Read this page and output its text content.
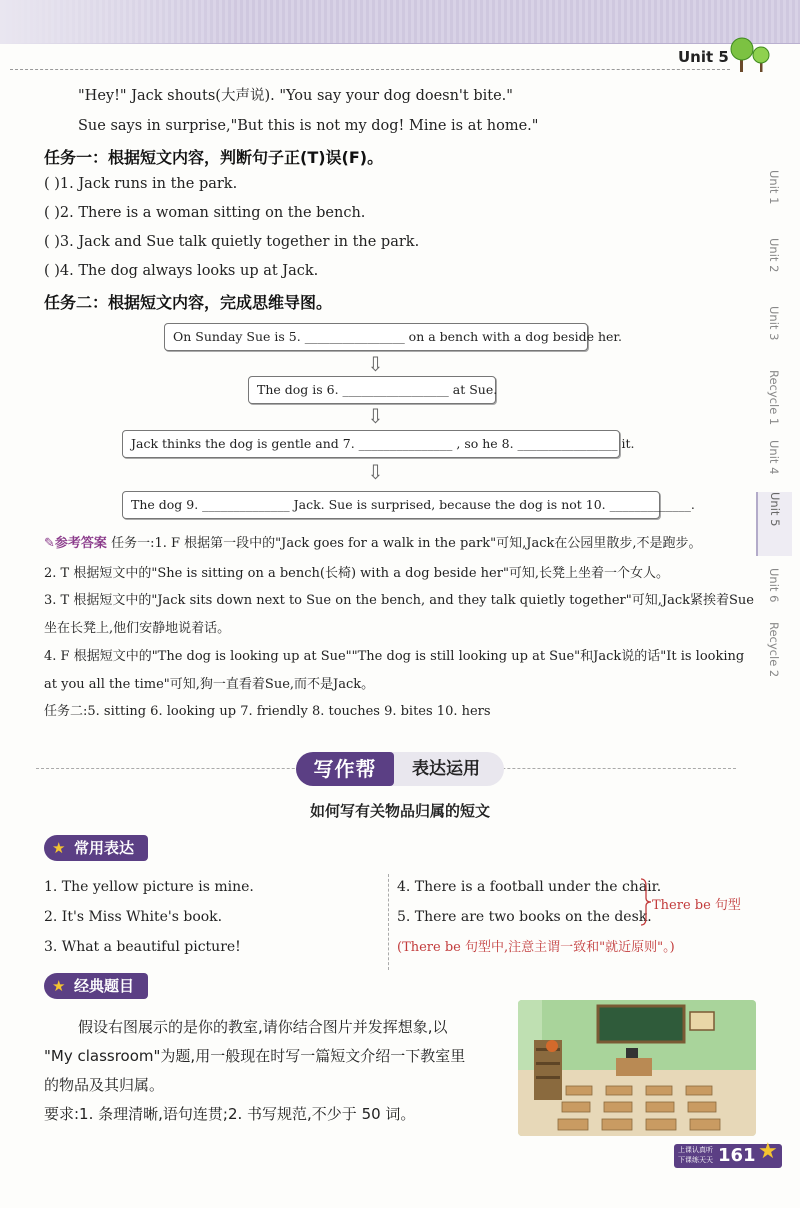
Unit 5
"Hey!" Jack shouts(大声说). "You say your dog doesn't bite."
Sue says in surprise,"But this is not my dog! Mine is at home."
任务一：根据短文内容，判断句子正(T)误(F)。
( )1. Jack runs in the park.
( )2. There is a woman sitting on the bench.
( )3. Jack and Sue talk quietly together in the park.
( )4. The dog always looks up at Jack.
任务二：根据短文内容，完成思维导图。
On Sunday Sue is 5. ________________ on a bench with a dog beside her.
⇩
The dog is 6. _________________ at Sue.
⇩
Jack thinks the dog is gentle and 7. _______________ , so he 8. ________________ it.
⇩
The dog 9. ______________ Jack. Sue is surprised, because the dog is not 10. _____________.
Unit 1
Unit 2
Unit 3
Recycle 1
Unit 4
Unit 5
Unit 6
Recycle 2
✎参考答案 任务一:1. F 根据第一段中的"Jack goes for a walk in the park"可知,Jack在公园里散步,不是跑步。
2. T 根据短文中的"She is sitting on a bench(长椅) with a dog beside her"可知,长凳上坐着一个女人。
3. T 根据短文中的"Jack sits down next to Sue on the bench, and they talk quietly together"可知,Jack紧挨着Sue
坐在长凳上,他们安静地说着话。
4. F 根据短文中的"The dog is looking up at Sue""The dog is still looking up at Sue"和Jack说的话"It is looking
at you all the time"可知,狗一直看着Sue,而不是Jack。
任务二:5. sitting 6. looking up 7. friendly 8. touches 9. bites 10. hers
表达运用
写作帮
如何写有关物品归属的短文
★ 常用表达
1. The yellow picture is mine.
2. It's Miss White's book.
3. What a beautiful picture!
4. There is a football under the chair.
5. There are two books on the desk.
There be 句型
(There be 句型中,注意主谓一致和"就近原则"。)
★ 经典题目
假设右图展示的是你的教室,请你结合图片并发挥想象,以
"My classroom"为题,用一般现在时写一篇短文介绍一下教室里
的物品及其归属。
要求:1. 条理清晰,语句连贯;2. 书写规范,不少于 50 词。
上课认真听
下课练天天 161 ★
